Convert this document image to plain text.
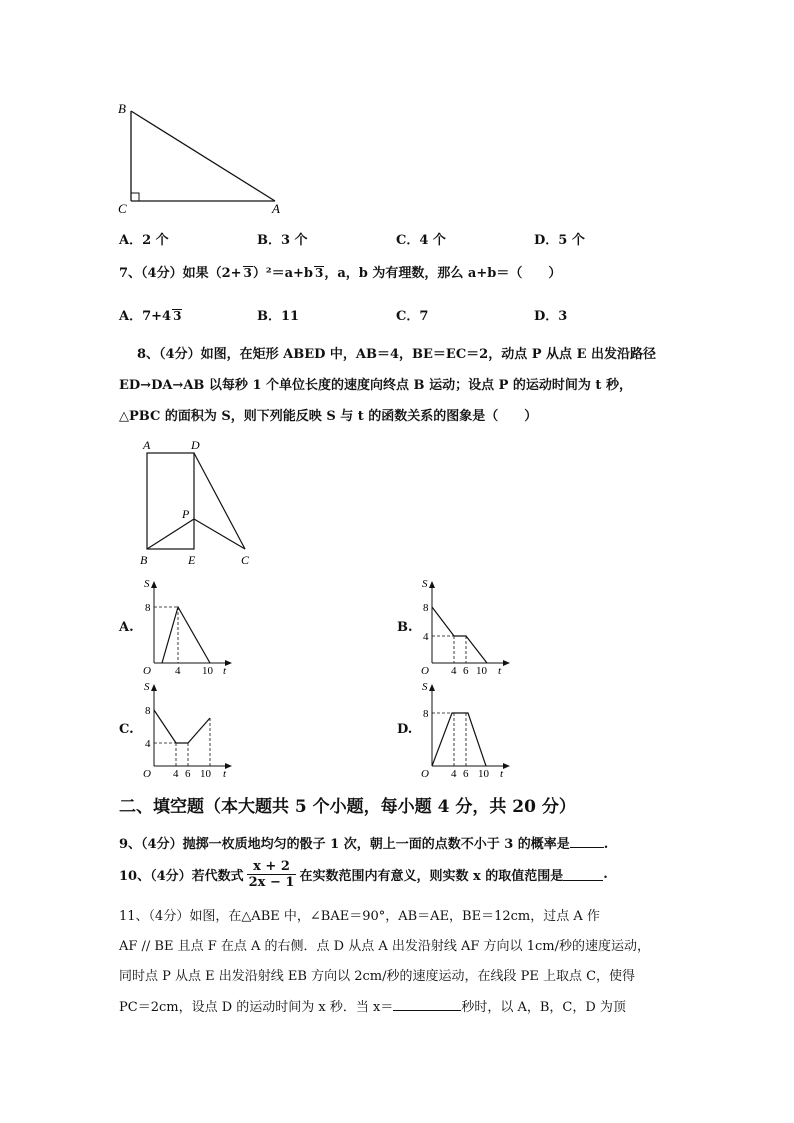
B
C	A
A．2 个	B．3 个	C．4 个	D．5 个
7、（4分）如果（2+ 3）²＝a+b 3，a，b 为有理数，那么 a+b＝（　　）
A．7+4 3	B．11	C．7	D．3
8、（4分）如图，在矩形 ABED 中，AB＝4，BE＝EC＝2，动点 P 从点 E 出发沿路径
ED→DA→AB 以每秒 1 个单位长度的速度向终点 B 运动；设点 P 的运动时间为 t 秒，
△PBC 的面积为 S，则下列能反映 S 与 t 的函数关系的图象是（　　）
A	D
P
B	E	C
A.
S
8
O 4 10 t
B.
S
8
4
O 4 6 10 t
C.
S
8
4
O 4 6 10 t
D.
S
8
O 4 6 10 t
二、填空题（本大题共 5 个小题，每小题 4 分，共 20 分）
9、（4分）抛掷一枚质地均匀的骰子 1 次，朝上一面的点数不小于 3 的概率是	.
10、（4分）若代数式 $\frac{x + 2}{2x - 1}$ 在实数范围内有意义，则实数 x 的取值范围是	.
11、（4分）如图，在△ABE 中，∠BAE＝90°，AB＝AE，BE＝12cm，过点 A 作
AF // BE 且点 F 在点 A 的右侧．点 D 从点 A 出发沿射线 AF 方向以 1cm/秒的速度运动，
同时点 P 从点 E 出发沿射线 EB 方向以 2cm/秒的速度运动，在线段 PE 上取点 C，使得
PC＝2cm，设点 D 的运动时间为 x 秒．当 x＝	秒时，以 A，B，C，D 为顶
